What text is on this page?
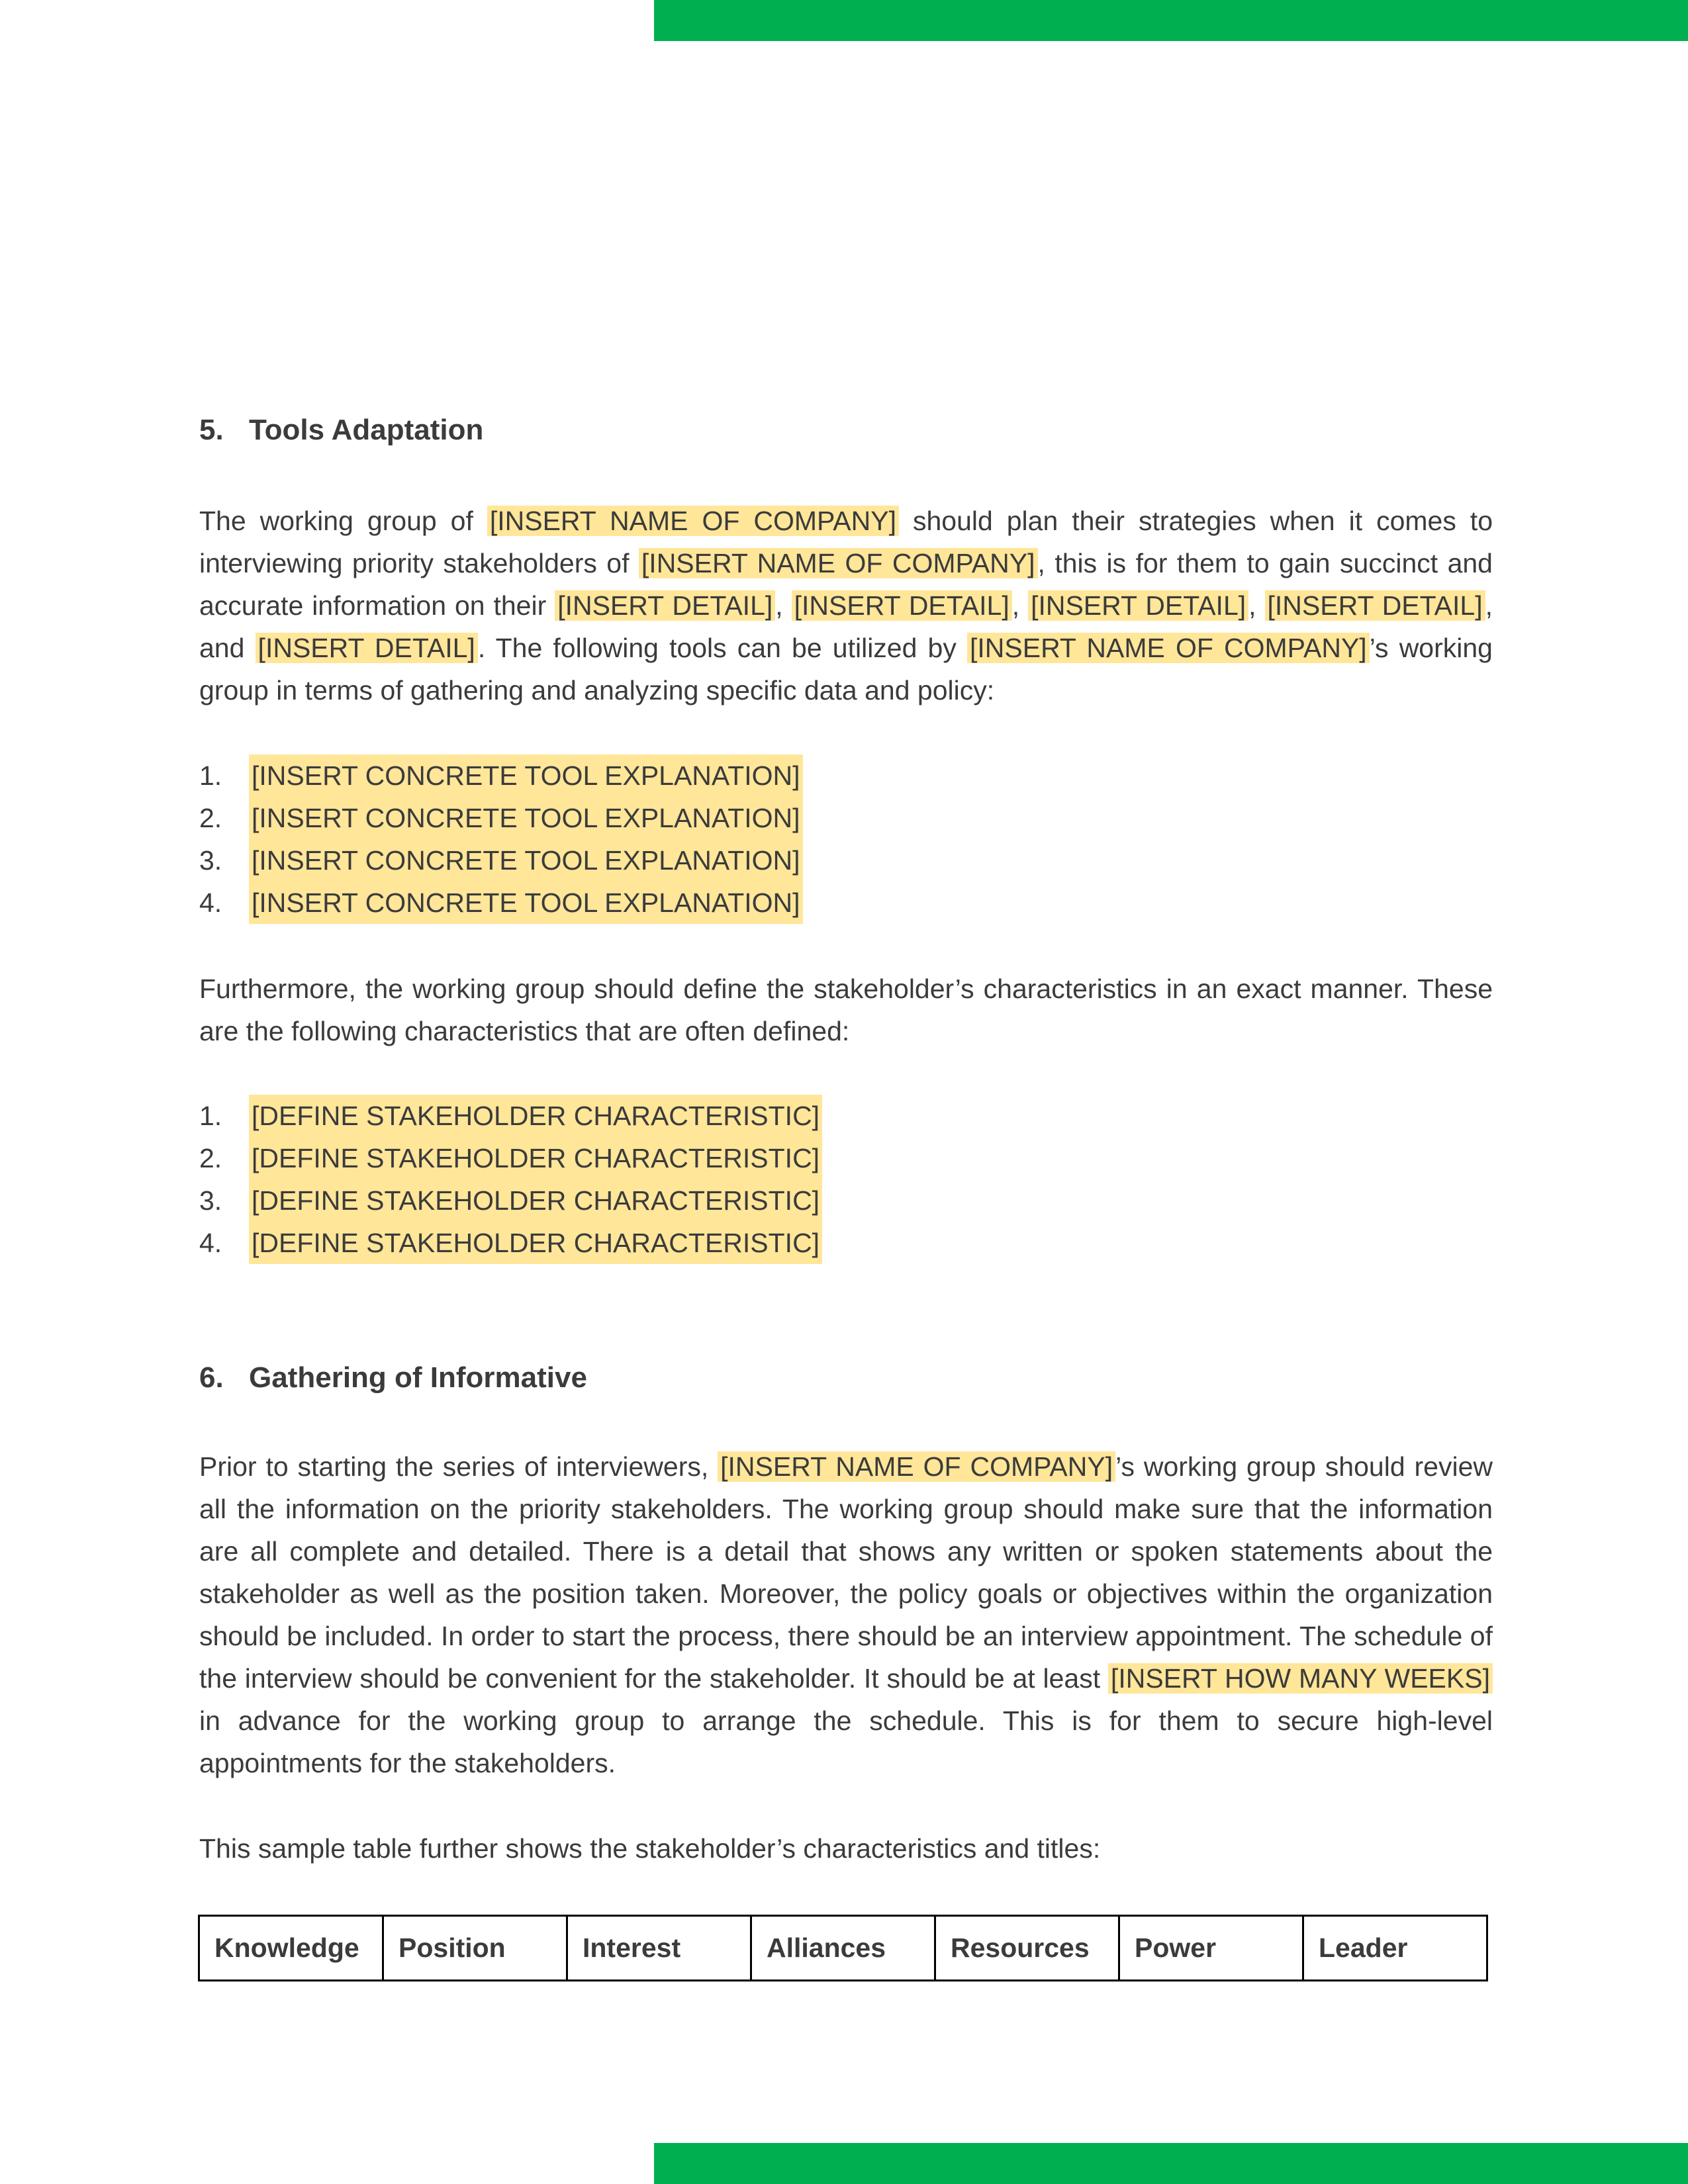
5. Tools Adaptation

The working group of [INSERT NAME OF COMPANY] should plan their strategies when it comes to interviewing priority stakeholders of [INSERT NAME OF COMPANY], this is for them to gain succinct and accurate information on their [INSERT DETAIL], [INSERT DETAIL], [INSERT DETAIL], [INSERT DETAIL], and [INSERT DETAIL]. The following tools can be utilized by [INSERT NAME OF COMPANY]’s working group in terms of gathering and analyzing specific data and policy:

1.	[INSERT CONCRETE TOOL EXPLANATION]
2.	[INSERT CONCRETE TOOL EXPLANATION]
3.	[INSERT CONCRETE TOOL EXPLANATION]
4.	[INSERT CONCRETE TOOL EXPLANATION]

Furthermore, the working group should define the stakeholder’s characteristics in an exact manner. These are the following characteristics that are often defined:

1.	[DEFINE STAKEHOLDER CHARACTERISTIC]
2.	[DEFINE STAKEHOLDER CHARACTERISTIC]
3.	[DEFINE STAKEHOLDER CHARACTERISTIC]
4.	[DEFINE STAKEHOLDER CHARACTERISTIC]
6. Gathering of Informative

Prior to starting the series of interviewers, [INSERT NAME OF COMPANY]’s working group should review all the information on the priority stakeholders. The working group should make sure that the information are all complete and detailed. There is a detail that shows any written or spoken statements about the stakeholder as well as the position taken. Moreover, the policy goals or objectives within the organization should be included. In order to start the process, there should be an interview appointment. The schedule of the interview should be convenient for the stakeholder. It should be at least [INSERT HOW MANY WEEKS] in advance for the working group to arrange the schedule. This is for them to secure high-level appointments for the stakeholders.

This sample table further shows the stakeholder’s characteristics and titles:

Knowledge	Position	Interest	Alliances	Resources	Power	Leader
